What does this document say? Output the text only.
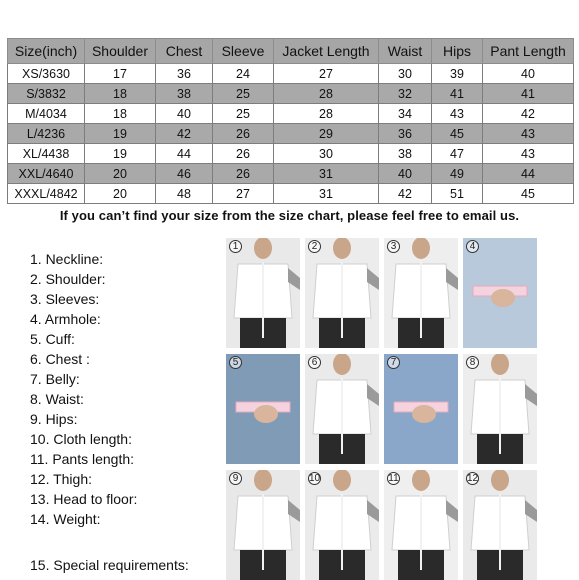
Size(inch)	Shoulder	Chest	Sleeve	Jacket Length	Waist	Hips	Pant Length
XS/3630	17	36	24	27	30	39	40
S/3832	18	38	25	28	32	41	41
M/4034	18	40	25	28	34	43	42
L/4236	19	42	26	29	36	45	43
XL/4438	19	44	26	30	38	47	43
XXL/4640	20	46	26	31	40	49	44
XXXL/4842	20	48	27	31	42	51	45
If you can’t find your size from the size chart, please feel free to email us.
1. Neckline:
2. Shoulder:
3. Sleeves:
4. Armhole:
5. Cuff:
6. Chest :
7. Belly:
8. Waist:
9. Hips:
10. Cloth length:
11. Pants length:
12. Thigh:
13. Head to floor:
14. Weight:
15. Special requirements:
1	2	3	4
5	6	7	8
9	10	11	12
